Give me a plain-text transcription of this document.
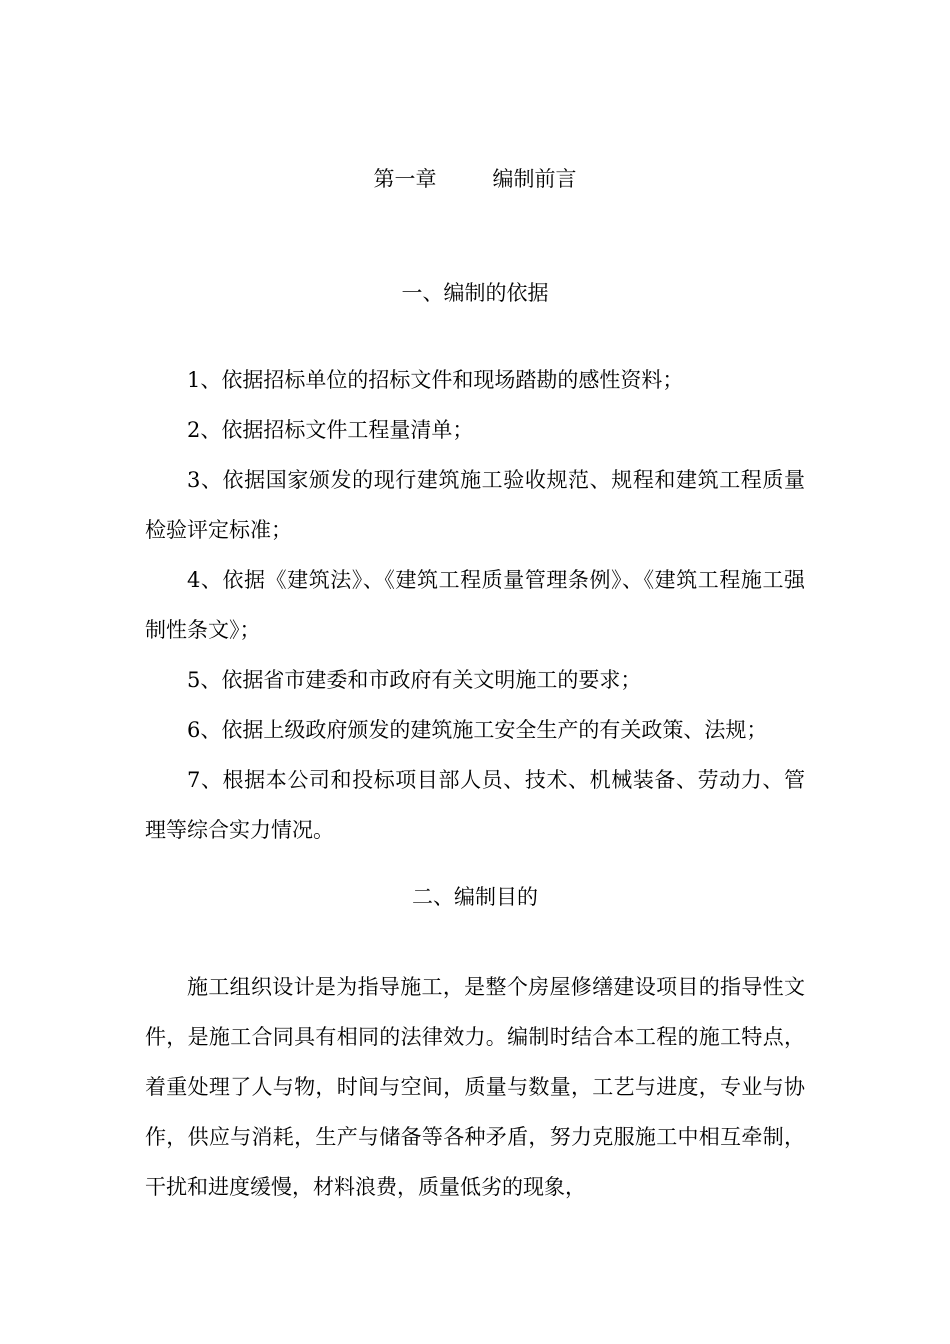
第一章	编制前言
一、编制的依据

1、依据招标单位的招标文件和现场踏勘的感性资料；

2、依据招标文件工程量清单；

3、依据国家颁发的现行建筑施工验收规范、规程和建筑工程质量检验评定标准；

4、依据《建筑法》、《建筑工程质量管理条例》、《建筑工程施工强制性条文》；

5、依据省市建委和市政府有关文明施工的要求；

6、依据上级政府颁发的建筑施工安全生产的有关政策、法规；

7、根据本公司和投标项目部人员、技术、机械装备、劳动力、管理等综合实力情况。

二、编制目的

施工组织设计是为指导施工，是整个房屋修缮建设项目的指导性文件，是施工合同具有相同的法律效力。编制时结合本工程的施工特点，着重处理了人与物，时间与空间，质量与数量，工艺与进度，专业与协作，供应与消耗，生产与储备等各种矛盾，努力克服施工中相互牵制，干扰和进度缓慢，材料浪费，质量低劣的现象，
